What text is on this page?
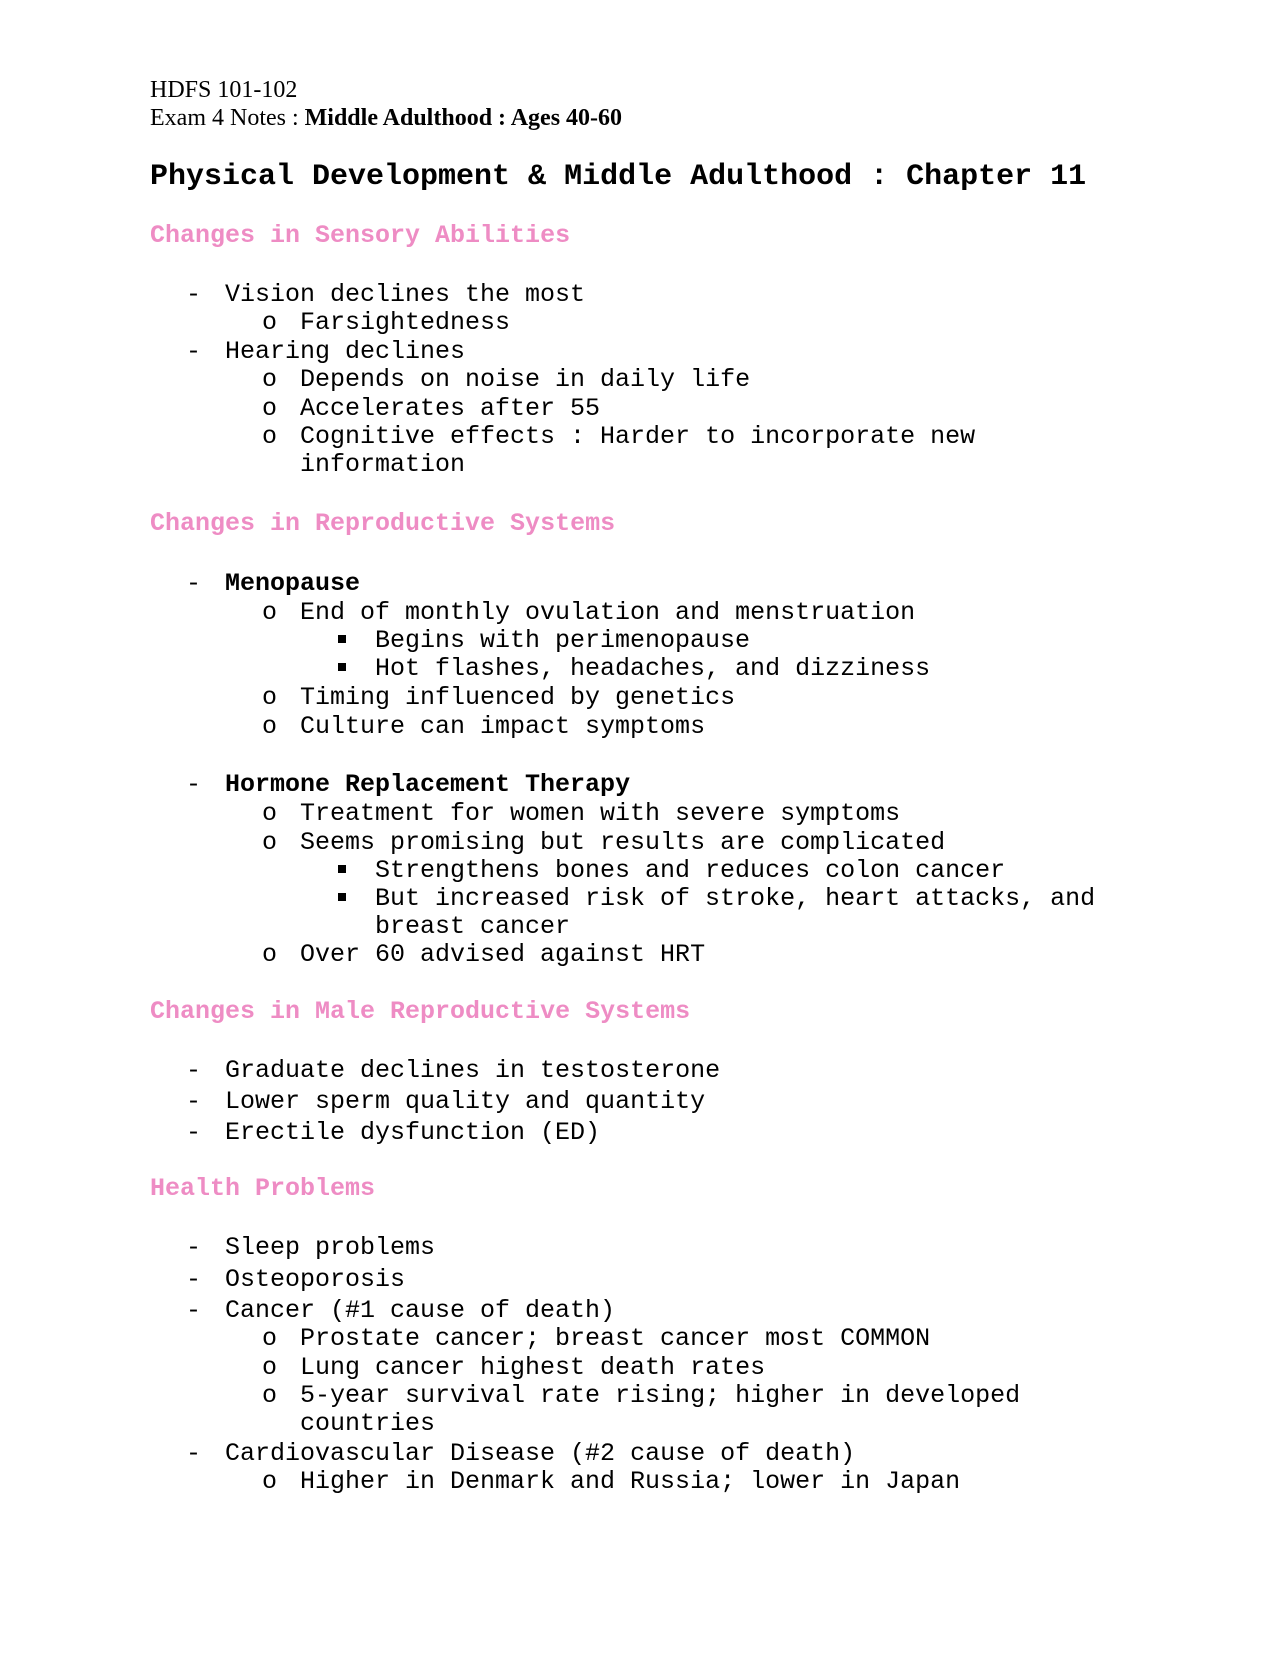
HDFS 101-102
Exam 4 Notes : Middle Adulthood : Ages 40-60
Physical Development & Middle Adulthood : Chapter 11
Changes in Sensory Abilities
- Vision declines the most
o Farsightedness
- Hearing declines
o Depends on noise in daily life
o Accelerates after 55
o Cognitive effects : Harder to incorporate new
information
Changes in Reproductive Systems
- Menopause
o End of monthly ovulation and menstruation
Begins with perimenopause
Hot flashes, headaches, and dizziness
o Timing influenced by genetics
o Culture can impact symptoms
- Hormone Replacement Therapy
o Treatment for women with severe symptoms
o Seems promising but results are complicated
Strengthens bones and reduces colon cancer
But increased risk of stroke, heart attacks, and
breast cancer
o Over 60 advised against HRT
Changes in Male Reproductive Systems
- Graduate declines in testosterone
- Lower sperm quality and quantity
- Erectile dysfunction (ED)
Health Problems
- Sleep problems
- Osteoporosis
- Cancer (#1 cause of death)
o Prostate cancer; breast cancer most COMMON
o Lung cancer highest death rates
o 5-year survival rate rising; higher in developed
countries
- Cardiovascular Disease (#2 cause of death)
o Higher in Denmark and Russia; lower in Japan
